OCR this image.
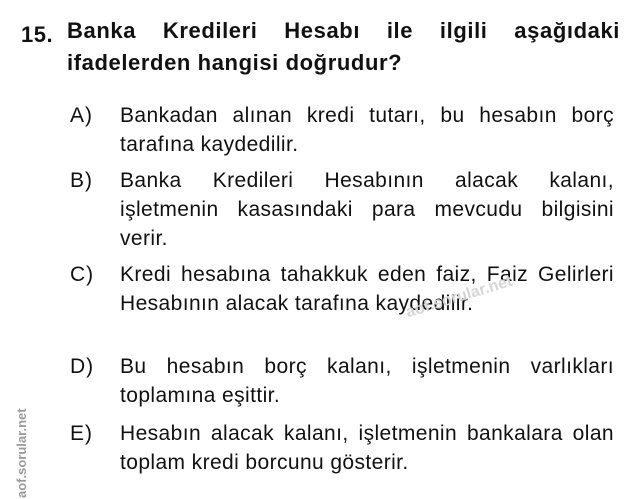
15. Banka Kredileri Hesabı ile ilgili aşağıdaki ifadelerden hangisi doğrudur?
A) Bankadan alınan kredi tutarı, bu hesabın borç tarafına kaydedilir.
B) Banka Kredileri Hesabının alacak kalanı, işletmenin kasasındaki para mevcudu bilgisini verir.
C) Kredi hesabına tahakkuk eden faiz, Faiz Gelirleri Hesabının alacak tarafına kaydedilir.
D) Bu hesabın borç kalanı, işletmenin varlıkları toplamına eşittir.
E) Hesabın alacak kalanı, işletmenin bankalara olan toplam kredi borcunu gösterir.
aof.sorular.net
aof.sorular.net
